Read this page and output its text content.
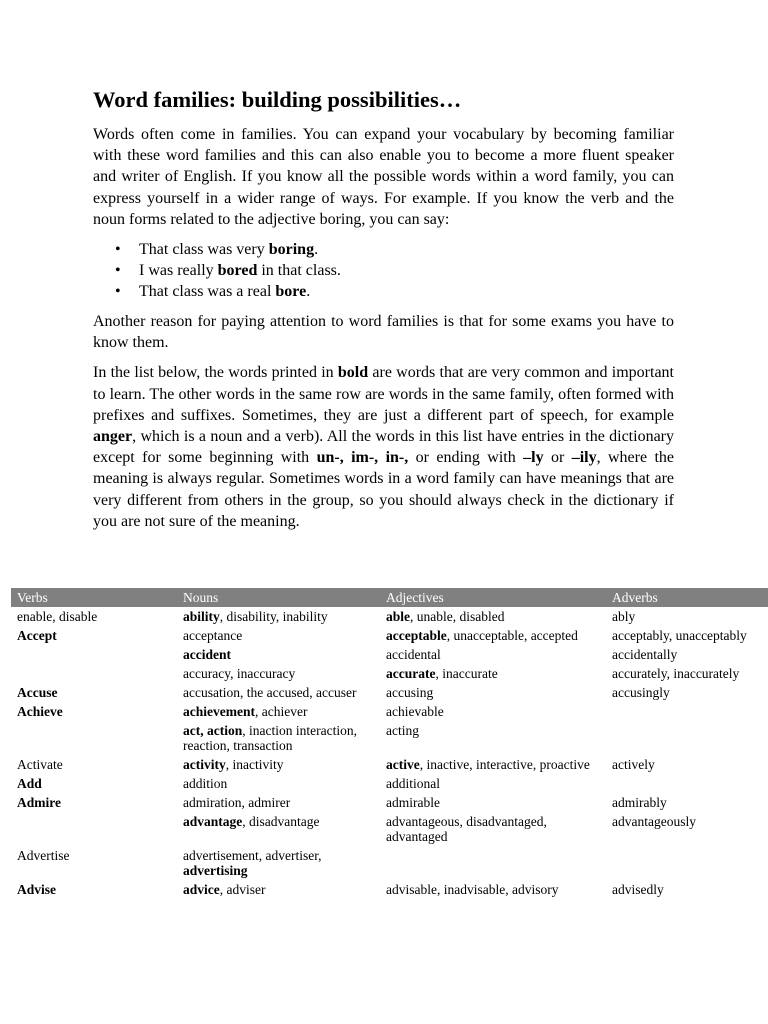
Word families: building possibilities…

Words often come in families. You can expand your vocabulary by becoming familiar with these word families and this can also enable you to become a more fluent speaker and writer of English. If you know all the possible words within a word family, you can express yourself in a wider range of ways. For example. If you know the verb and the noun forms related to the adjective boring, you can say:

• That class was very boring.
• I was really bored in that class.
• That class was a real bore.

Another reason for paying attention to word families is that for some exams you have to know them.

In the list below, the words printed in bold are words that are very common and important to learn. The other words in the same row are words in the same family, often formed with prefixes and suffixes. Sometimes, they are just a different part of speech, for example anger, which is a noun and a verb). All the words in this list have entries in the dictionary except for some beginning with un-, im-, in-, or ending with –ly or –ily, where the meaning is always regular. Sometimes words in a word family can have meanings that are very different from others in the group, so you should always check in the dictionary if you are not sure of the meaning.

Verbs	Nouns	Adjectives	Adverbs
enable, disable	ability, disability, inability	able, unable, disabled	ably
Accept	acceptance	acceptable, unacceptable, accepted	acceptably, unacceptably
	accident	accidental	accidentally
	accuracy, inaccuracy	accurate, inaccurate	accurately, inaccurately
Accuse	accusation, the accused, accuser	accusing	accusingly
Achieve	achievement, achiever	achievable	
	act, action, inaction interaction, reaction, transaction	acting	
Activate	activity, inactivity	active, inactive, interactive, proactive	actively
Add	addition	additional	
Admire	admiration, admirer	admirable	admirably
	advantage, disadvantage	advantageous, disadvantaged, advantaged	advantageously
Advertise	advertisement, advertiser,
advertising		
Advise	advice, adviser	advisable, inadvisable, advisory	advisedly
